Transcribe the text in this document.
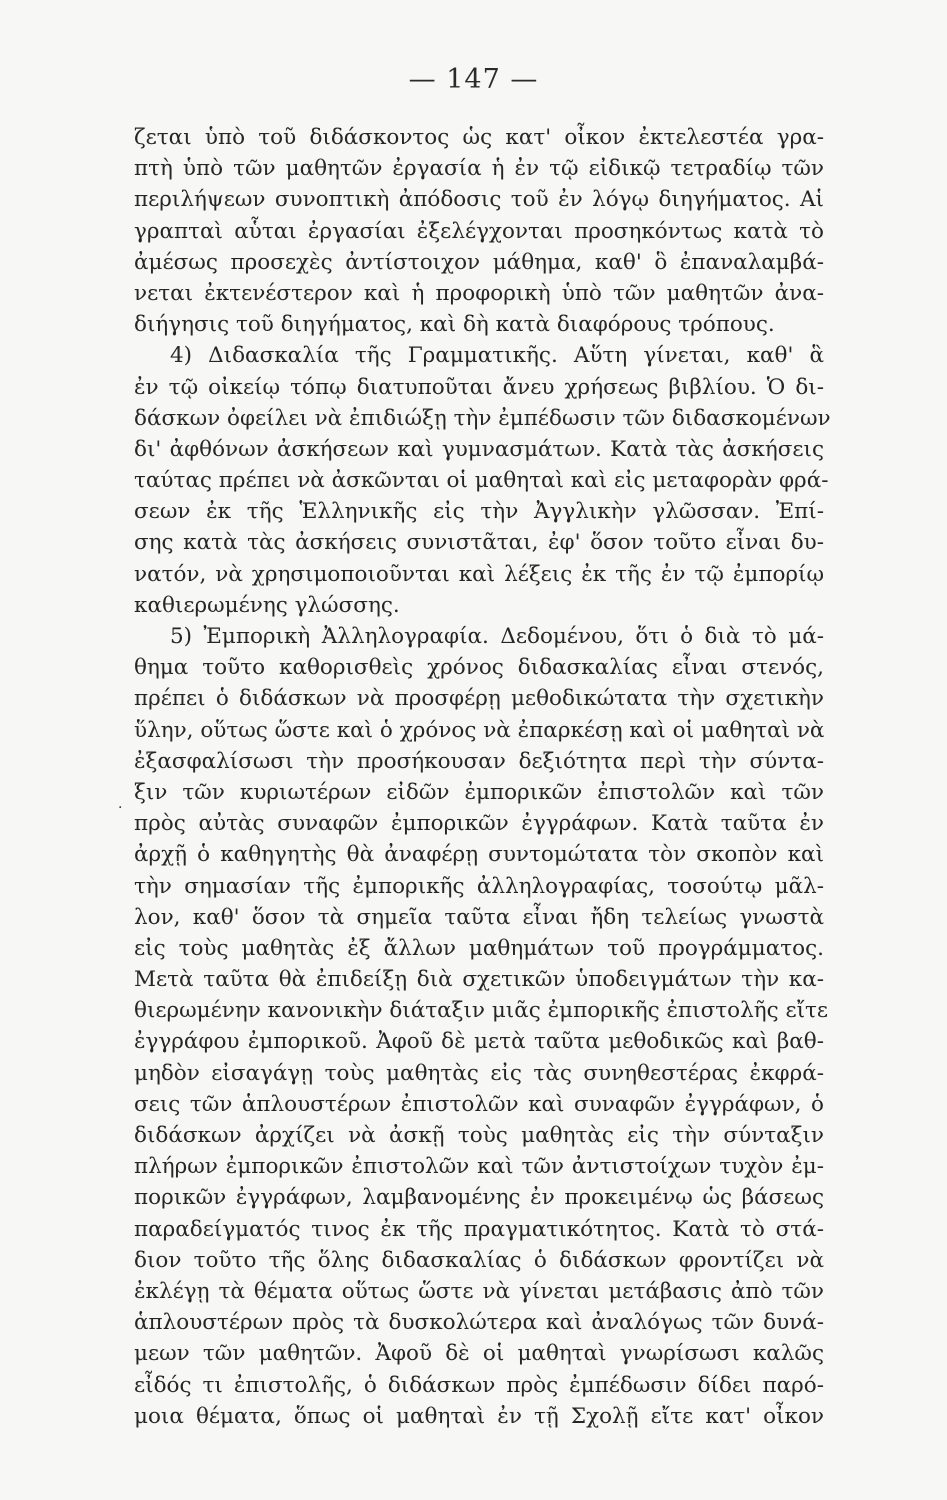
— 147 —
ζεται ὑπὸ τοῦ διδάσκοντος ὡς κατ' οἶκον ἐκτελεστέα γρα-
πτὴ ὑπὸ τῶν μαθητῶν ἐργασία ἡ ἐν τῷ εἰδικῷ τετραδίῳ τῶν
περιλήψεων συνοπτικὴ ἀπόδοσις τοῦ ἐν λόγῳ διηγήματος. Αἱ
γραπταὶ αὗται ἐργασίαι ἐξελέγχονται προσηκόντως κατὰ τὸ
ἀμέσως προσεχὲς ἀντίστοιχον μάθημα, καθ' ὃ ἐπαναλαμβά-
νεται ἐκτενέστερον καὶ ἡ προφορικὴ ὑπὸ τῶν μαθητῶν ἀνα-
διήγησις τοῦ διηγήματος, καὶ δὴ κατὰ διαφόρους τρόπους.
4) Διδασκαλία τῆς Γραμματικῆς. Αὕτη γίνεται, καθ' ἃ
ἐν τῷ οἰκείῳ τόπῳ διατυποῦται ἄνευ χρήσεως βιβλίου. Ὁ δι-
δάσκων ὀφείλει νὰ ἐπιδιώξῃ τὴν ἐμπέδωσιν τῶν διδασκομένων
δι' ἀφθόνων ἀσκήσεων καὶ γυμνασμάτων. Κατὰ τὰς ἀσκήσεις
ταύτας πρέπει νὰ ἀσκῶνται οἱ μαθηταὶ καὶ εἰς μεταφορὰν φρά-
σεων ἐκ τῆς Ἑλληνικῆς εἰς τὴν Ἀγγλικὴν γλῶσσαν. Ἐπί-
σης κατὰ τὰς ἀσκήσεις συνιστᾶται, ἐφ' ὅσον τοῦτο εἶναι δυ-
νατόν, νὰ χρησιμοποιοῦνται καὶ λέξεις ἐκ τῆς ἐν τῷ ἐμπορίῳ
καθιερωμένης γλώσσης.
5) Ἐμπορικὴ Ἀλληλογραφία. Δεδομένου, ὅτι ὁ διὰ τὸ μά-
θημα τοῦτο καθορισθεὶς χρόνος διδασκαλίας εἶναι στενός,
πρέπει ὁ διδάσκων νὰ προσφέρῃ μεθοδικώτατα τὴν σχετικὴν
ὕλην, οὕτως ὥστε καὶ ὁ χρόνος νὰ ἐπαρκέσῃ καὶ οἱ μαθηταὶ νὰ
ἐξασφαλίσωσι τὴν προσήκουσαν δεξιότητα περὶ τὴν σύντα-
ξιν τῶν κυριωτέρων εἰδῶν ἐμπορικῶν ἐπιστολῶν καὶ τῶν
πρὸς αὐτὰς συναφῶν ἐμπορικῶν ἐγγράφων. Κατὰ ταῦτα ἐν
ἀρχῇ ὁ καθηγητὴς θὰ ἀναφέρῃ συντομώτατα τὸν σκοπὸν καὶ
τὴν σημασίαν τῆς ἐμπορικῆς ἀλληλογραφίας, τοσούτῳ μᾶλ-
λον, καθ' ὅσον τὰ σημεῖα ταῦτα εἶναι ἤδη τελείως γνωστὰ
εἰς τοὺς μαθητὰς ἐξ ἄλλων μαθημάτων τοῦ προγράμματος.
Μετὰ ταῦτα θὰ ἐπιδείξῃ διὰ σχετικῶν ὑποδειγμάτων τὴν κα-
θιερωμένην κανονικὴν διάταξιν μιᾶς ἐμπορικῆς ἐπιστολῆς εἴτε
ἐγγράφου ἐμπορικοῦ. Ἀφοῦ δὲ μετὰ ταῦτα μεθοδικῶς καὶ βαθ-
μηδὸν εἰσαγάγῃ τοὺς μαθητὰς εἰς τὰς συνηθεστέρας ἐκφρά-
σεις τῶν ἁπλουστέρων ἐπιστολῶν καὶ συναφῶν ἐγγράφων, ὁ
διδάσκων ἀρχίζει νὰ ἀσκῇ τοὺς μαθητὰς εἰς τὴν σύνταξιν
πλήρων ἐμπορικῶν ἐπιστολῶν καὶ τῶν ἀντιστοίχων τυχὸν ἐμ-
πορικῶν ἐγγράφων, λαμβανομένης ἐν προκειμένῳ ὡς βάσεως
παραδείγματός τινος ἐκ τῆς πραγματικότητος. Κατὰ τὸ στά-
διον τοῦτο τῆς ὅλης διδασκαλίας ὁ διδάσκων φροντίζει νὰ
ἐκλέγῃ τὰ θέματα οὕτως ὥστε νὰ γίνεται μετάβασις ἀπὸ τῶν
ἁπλουστέρων πρὸς τὰ δυσκολώτερα καὶ ἀναλόγως τῶν δυνά-
μεων τῶν μαθητῶν. Ἀφοῦ δὲ οἱ μαθηταὶ γνωρίσωσι καλῶς
εἶδός τι ἐπιστολῆς, ὁ διδάσκων πρὸς ἐμπέδωσιν δίδει παρό-
μοια θέματα, ὅπως οἱ μαθηταὶ ἐν τῇ Σχολῇ εἴτε κατ' οἶκον
·
